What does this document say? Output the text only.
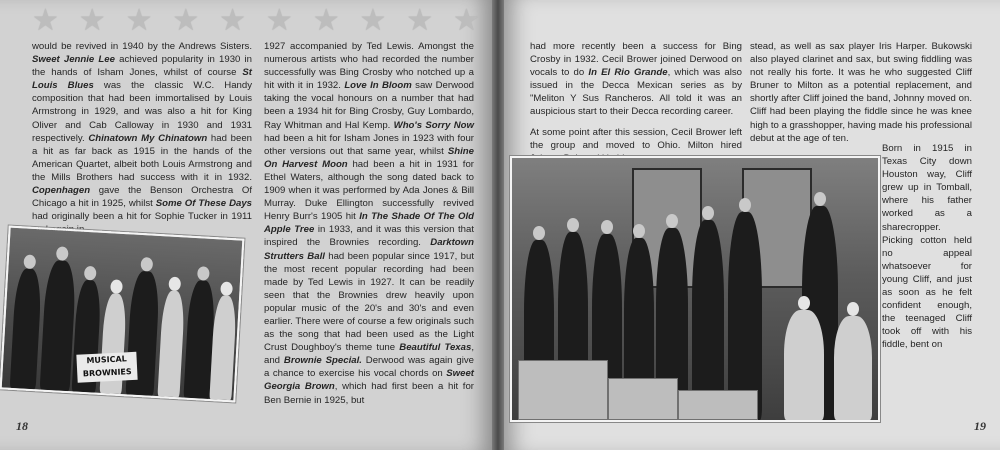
★ ★ ★ ★ ★ ★ ★ ★ ★ ★

would be revived in 1940 by the Andrews Sisters. Sweet Jennie Lee achieved popularity in 1930 in the hands of Isham Jones, whilst of course St Louis Blues was the classic W.C. Handy composition that had been immortalised by Louis Armstrong in 1929, and was also a hit for King Oliver and Cab Calloway in 1930 and 1931 respectively. Chinatown My Chinatown had been a hit as far back as 1915 in the hands of the American Quartet, albeit both Louis Armstrong and the Mills Brothers had success with it in 1932. Copenhagen gave the Benson Orchestra Of Chicago a hit in 1925, whilst Some Of These Days had originally been a hit for Sophie Tucker in 1911

1927 accompanied by Ted Lewis. Amongst the numerous artists who had recorded the number successfully was Bing Crosby who notched up a hit with it in 1932. Love In Bloom saw Derwood taking the vocal honours on a number that had been a 1934 hit for Bing Crosby, Guy Lombardo, Ray Whitman and Hal Kemp. Who's Sorry Now had been a hit for Isham Jones in 1923 with four other versions out that same year, whilst Shine On Harvest Moon had been a hit in 1931 for Ethel Waters, although the song dated back to 1909 when it was performed by Ada Jones & Bill Murray. Duke Ellington successfully revived Henry Burr's 1905 hit In The Shade Of The Old Apple Tree in 1933, and it was this version that inspired the Brownies recording. Darktown Strutters Ball had been popular since 1917, but the most recent popular recording had been made by Ted Lewis in 1927. It can be readily seen that the Brownies drew heavily upon popular music of the 20's and 30's and even earlier. There were of course a few originals such as the song that had been used as the Light Crust Doughboy's theme tune Beautiful Texas, and Brownie Special. Derwood was again give a chance to exercise his vocal chords on Sweet Georgia Brown, which had first been a hit for Ben Bernie in 1925, but

18
MUSICAL
BROWNIES
19

had more recently been a success for Bing Crosby in 1932. Cecil Brower joined Derwood on vocals to do In El Rio Grande, which was also issued in the Decca Mexican series as by "Meliton Y Sus Rancheros. All told it was an auspicious start to their Decca recording career.

At some point after this session, Cecil Brower left the group and moved to Ohio. Milton hired

stead, as well as sax player Iris Harper. Bukowski also played clarinet and sax, but swing fiddling was not really his forte. It was he who suggested Cliff Bruner to Milton as a potential replacement, and shortly after Cliff joined the band, Johnny moved on. Cliff had been playing the fiddle since he was knee high to a grasshopper, having made his professional debut at the age of ten.

Born in 1915 in Texas City down Houston way, Cliff grew up in Tomball, where his father worked as a sharecropper. Picking cotton held no appeal whatsoever for young Cliff, and just as soon as he felt confident enough, the teenaged Cliff took off with his fiddle, bent on
